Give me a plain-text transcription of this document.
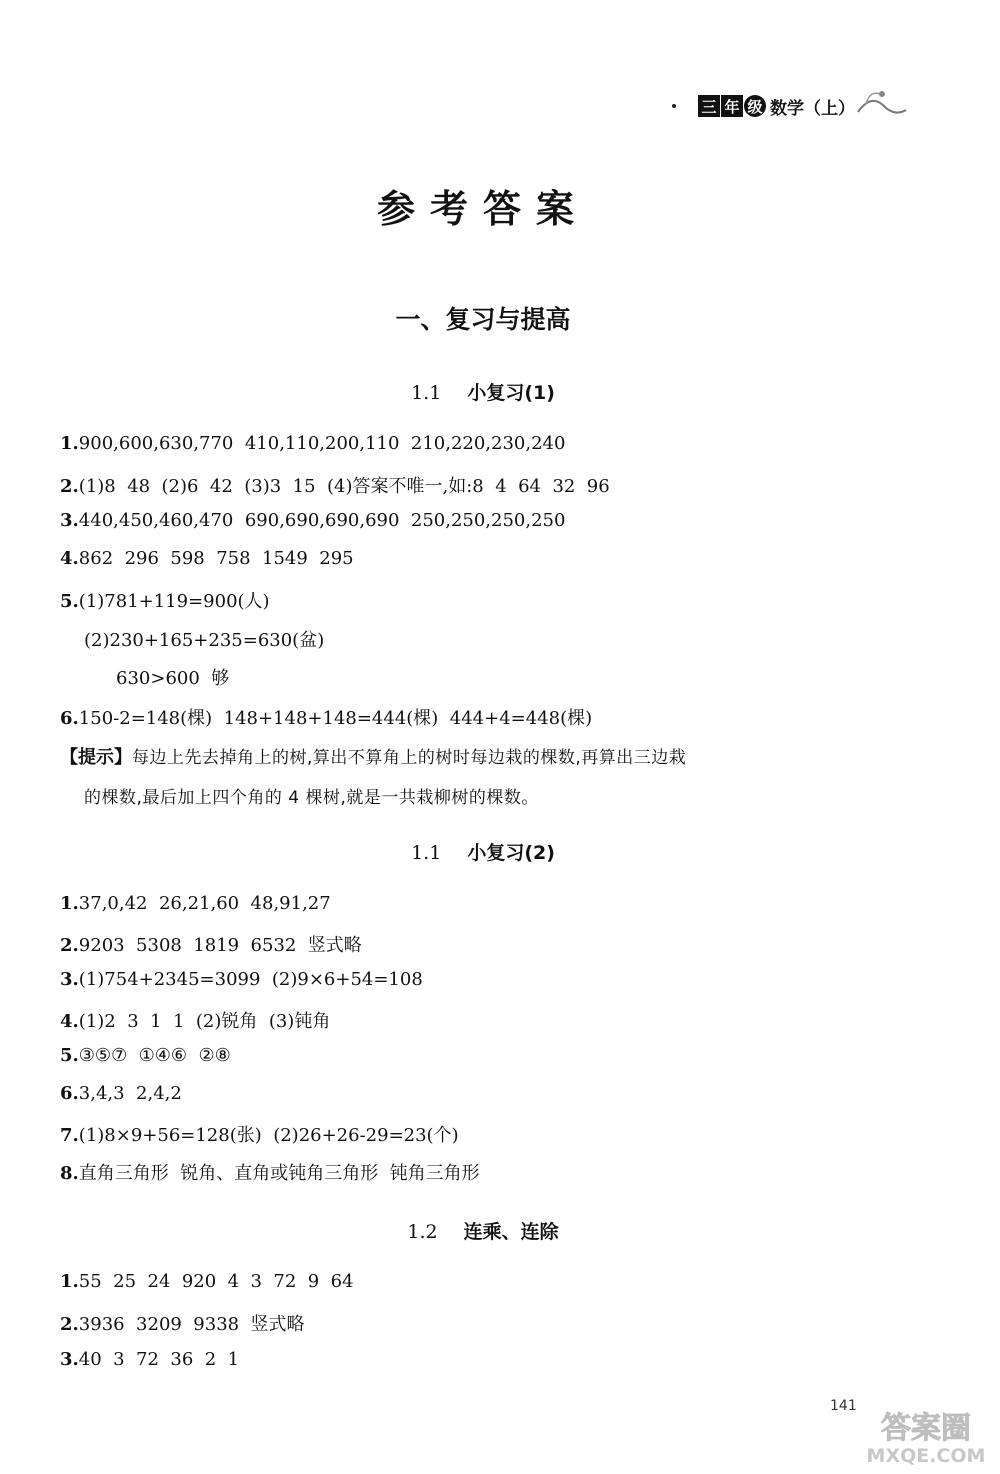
三 年 级 数学（上）
参考答案
一、复习与提高
1.1 小复习(1)
1.900,600,630,770  410,110,200,110  210,220,230,240
2.(1)8  48  (2)6  42  (3)3  15  (4)答案不唯一,如:8  4  64  32  96
3.440,450,460,470  690,690,690,690  250,250,250,250
4.862  296  598  758  1549  295
5.(1)781+119=900(人)
(2)230+165+235=630(盆)
630>600  够
6.150-2=148(棵)  148+148+148=444(棵)  444+4=448(棵)
【提示】每边上先去掉角上的树,算出不算角上的树时每边栽的棵数,再算出三边栽
的棵数,最后加上四个角的 4 棵树,就是一共栽柳树的棵数。
1.1 小复习(2)
1.37,0,42  26,21,60  48,91,27
2.9203  5308  1819  6532  竖式略
3.(1)754+2345=3099  (2)9×6+54=108
4.(1)2  3  1  1  (2)锐角  (3)钝角
5.③⑤⑦  ①④⑥  ②⑧
6.3,4,3  2,4,2
7.(1)8×9+56=128(张)  (2)26+26-29=23(个)
8.直角三角形  锐角、直角或钝角三角形  钝角三角形
1.2 连乘、连除
1.55  25  24  920  4  3  72  9  64
2.3936  3209  9338  竖式略
3.40  3  72  36  2  1
141
答案圈
MXQE.COM
